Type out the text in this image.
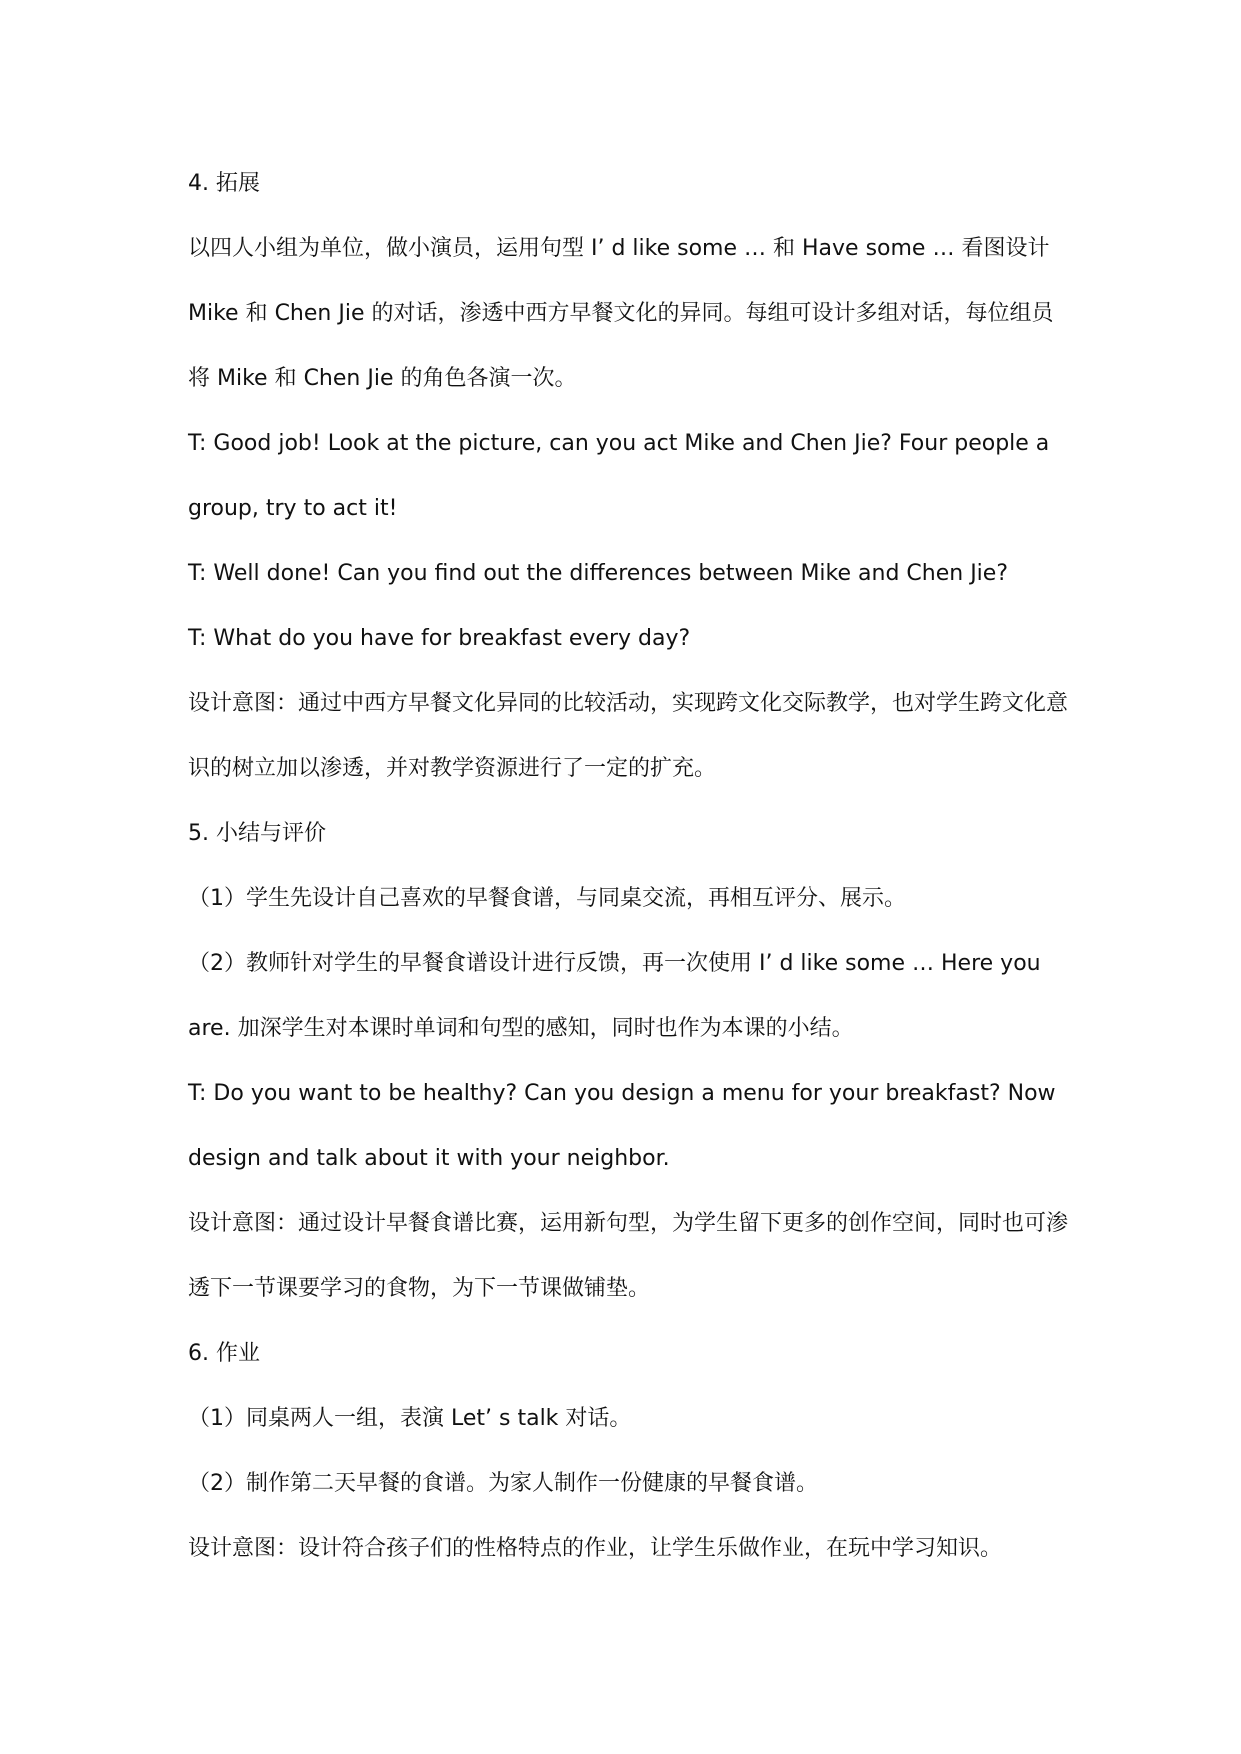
4. 拓展
以四人小组为单位，做小演员，运用句型 I’ d like some … 和 Have some … 看图设计
Mike 和 Chen Jie 的对话，渗透中西方早餐文化的异同。每组可设计多组对话，每位组员
将 Mike 和 Chen Jie 的角色各演一次。
T: Good job! Look at the picture, can you act Mike and Chen Jie? Four people a
group, try to act it!
T: Well done! Can you find out the differences between Mike and Chen Jie?
T: What do you have for breakfast every day?
设计意图：通过中西方早餐文化异同的比较活动，实现跨文化交际教学，也对学生跨文化意
识的树立加以渗透，并对教学资源进行了一定的扩充。
5. 小结与评价
（1）学生先设计自己喜欢的早餐食谱，与同桌交流，再相互评分、展示。
（2）教师针对学生的早餐食谱设计进行反馈，再一次使用 I’ d like some … Here you
are. 加深学生对本课时单词和句型的感知，同时也作为本课的小结。
T: Do you want to be healthy? Can you design a menu for your breakfast? Now
design and talk about it with your neighbor.
设计意图：通过设计早餐食谱比赛，运用新句型，为学生留下更多的创作空间，同时也可渗
透下一节课要学习的食物，为下一节课做铺垫。
6. 作业
（1）同桌两人一组，表演 Let’ s talk 对话。
（2）制作第二天早餐的食谱。为家人制作一份健康的早餐食谱。
设计意图：设计符合孩子们的性格特点的作业，让学生乐做作业，在玩中学习知识。
